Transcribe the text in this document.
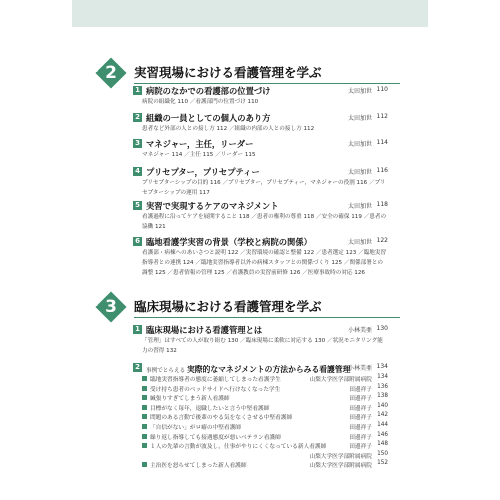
2
Part	実習現場における看護管理を学ぶ
1 病院のなかでの看護部の位置づけ	太田加世 110
病院の組織化 110 ／看護部門の位置づけ 110
2 組織の一員としての個人のあり方	太田加世 112
患者など外部の人との接し方 112 ／組織の内部の人との接し方 112
3 マネジャー，主任，リーダー	太田加世 114
マネジャー 114 ／主任 115 ／リーダー 115
4 プリセプター，プリセプティー	太田加世 116
プリセプターシップの目的 116 ／プリセプター，プリセプティー，マネジャーの役割 116 ／プリセプターシップの運用 117
5 実習で実現するケアのマネジメント	太田加世 118
看護過程に沿ってケアを展開すること 118 ／患者の権利の尊重 118 ／安全の確保 119 ／患者の協働 121
6 臨地看護学実習の背景（学校と病院の関係）	太田加世 122
看護部・病棟へのあいさつと説明 122 ／実習環境の確認と整備 122 ／患者選定 123 ／臨地実習指導者との連携 124 ／臨地実習指導者以外の病棟スタッフとの関係づくり 125 ／関係部署との調整 125 ／患者情報の管理 125 ／看護教員の実習前研修 126 ／医療事故時の対応 126
3
Part	臨床現場における看護管理を学ぶ
1 臨床現場における看護管理とは	小林美亜 130
「管理」はすべての人が取り組む 130 ／臨床現場に柔軟に対応する 130 ／状況モニタリング能力の習得 132
2	事例でとらえる 実際的なマネジメントの方法からみる看護管理
小林美亜 134
臨地実習指導者の態度に萎縮してしまった看護学生	山梨大学医学部附属病院 134
受け持ち患者のベッドサイドへ行けなくなった学生	田邊祥子 136
緘張りすぎてしまう新人看護師	田邊祥子 138
目標がなく毎年，退職したいと言う中堅看護師	田邊祥子 140
問題のある言動で後輩のやる気をなくさせる中堅看護師	田邊祥子 142
「自信がない」がロ癖の中堅看護師	田邊祥子 144
繰り返し指導しても接遇態度が悪いベテラン看護師	田邊祥子 146
１人の先輩の言動が波及し，仕事がやりにくくなっている新人看護師	田邊祥子 148
山梨大学医学部附属病院 150
主治医を怒らせてしまった新人看護師	山梨大学医学部附属病院 152
